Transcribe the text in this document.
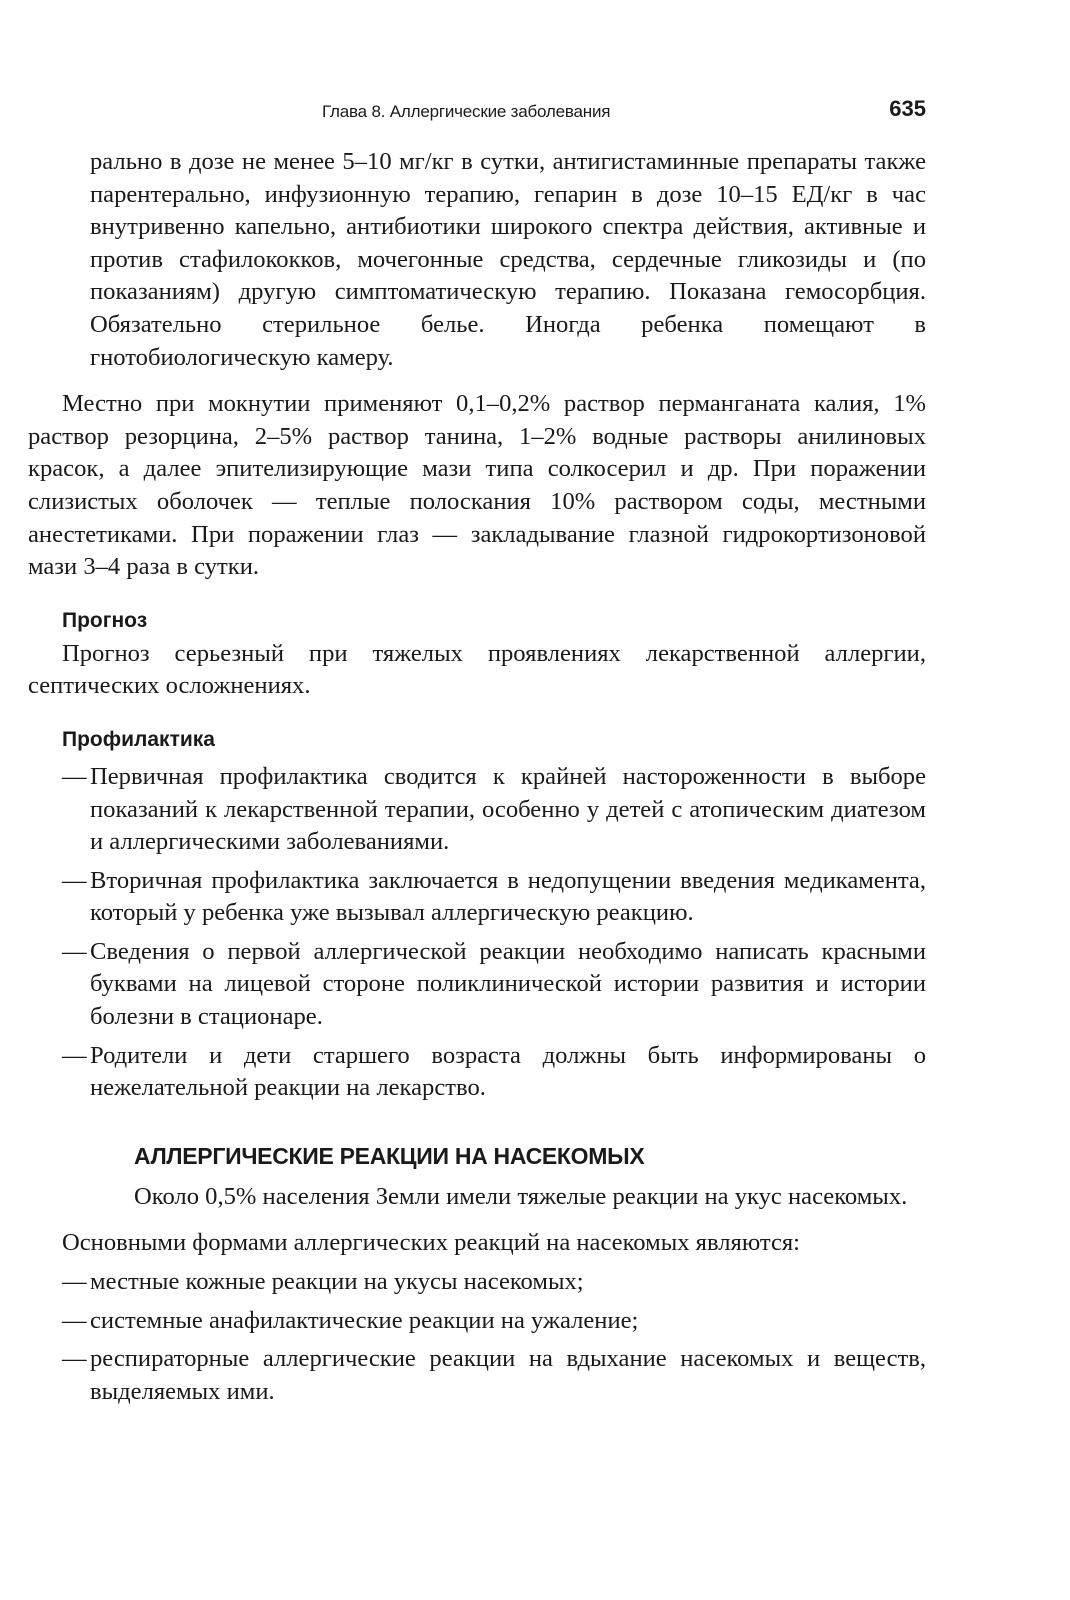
Глава 8. Аллергические заболевания	635

рально в дозе не менее 5–10 мг/кг в сутки, антигистаминные препараты также парентерально, инфузионную терапию, гепарин в дозе 10–15 ЕД/кг в час внутривенно капельно, антибиотики широкого спектра действия, активные и против стафилококков, мочегонные средства, сердечные гликозиды и (по показаниям) другую симптоматическую терапию. Показана гемосорбция. Обязательно стерильное белье. Иногда ребенка помещают в гнотобиологическую камеру.

Местно при мокнутии применяют 0,1–0,2% раствор перманганата калия, 1% раствор резорцина, 2–5% раствор танина, 1–2% водные растворы анилиновых красок, а далее эпителизирующие мази типа солкосерил и др. При поражении слизистых оболочек — теплые полоскания 10% раствором соды, местными анестетиками. При поражении глаз — закладывание глазной гидрокортизоновой мази 3–4 раза в сутки.

Прогноз

Прогноз серьезный при тяжелых проявлениях лекарственной аллергии, септических осложнениях.

Профилактика
— Первичная профилактика сводится к крайней настороженности в выборе показаний к лекарственной терапии, особенно у детей с атопическим диатезом и аллергическими заболеваниями.
— Вторичная профилактика заключается в недопущении введения медикамента, который у ребенка уже вызывал аллергическую реакцию.
— Сведения о первой аллергической реакции необходимо написать красными буквами на лицевой стороне поликлинической истории развития и истории болезни в стационаре.
— Родители и дети старшего возраста должны быть информированы о нежелательной реакции на лекарство.
АЛЛЕРГИЧЕСКИЕ РЕАКЦИИ НА НАСЕКОМЫХ

Около 0,5% населения Земли имели тяжелые реакции на укус насекомых.

Основными формами аллергических реакций на насекомых являются:

— местные кожные реакции на укусы насекомых;
— системные анафилактические реакции на ужаление;
— респираторные аллергические реакции на вдыхание насекомых и веществ, выделяемых ими.
